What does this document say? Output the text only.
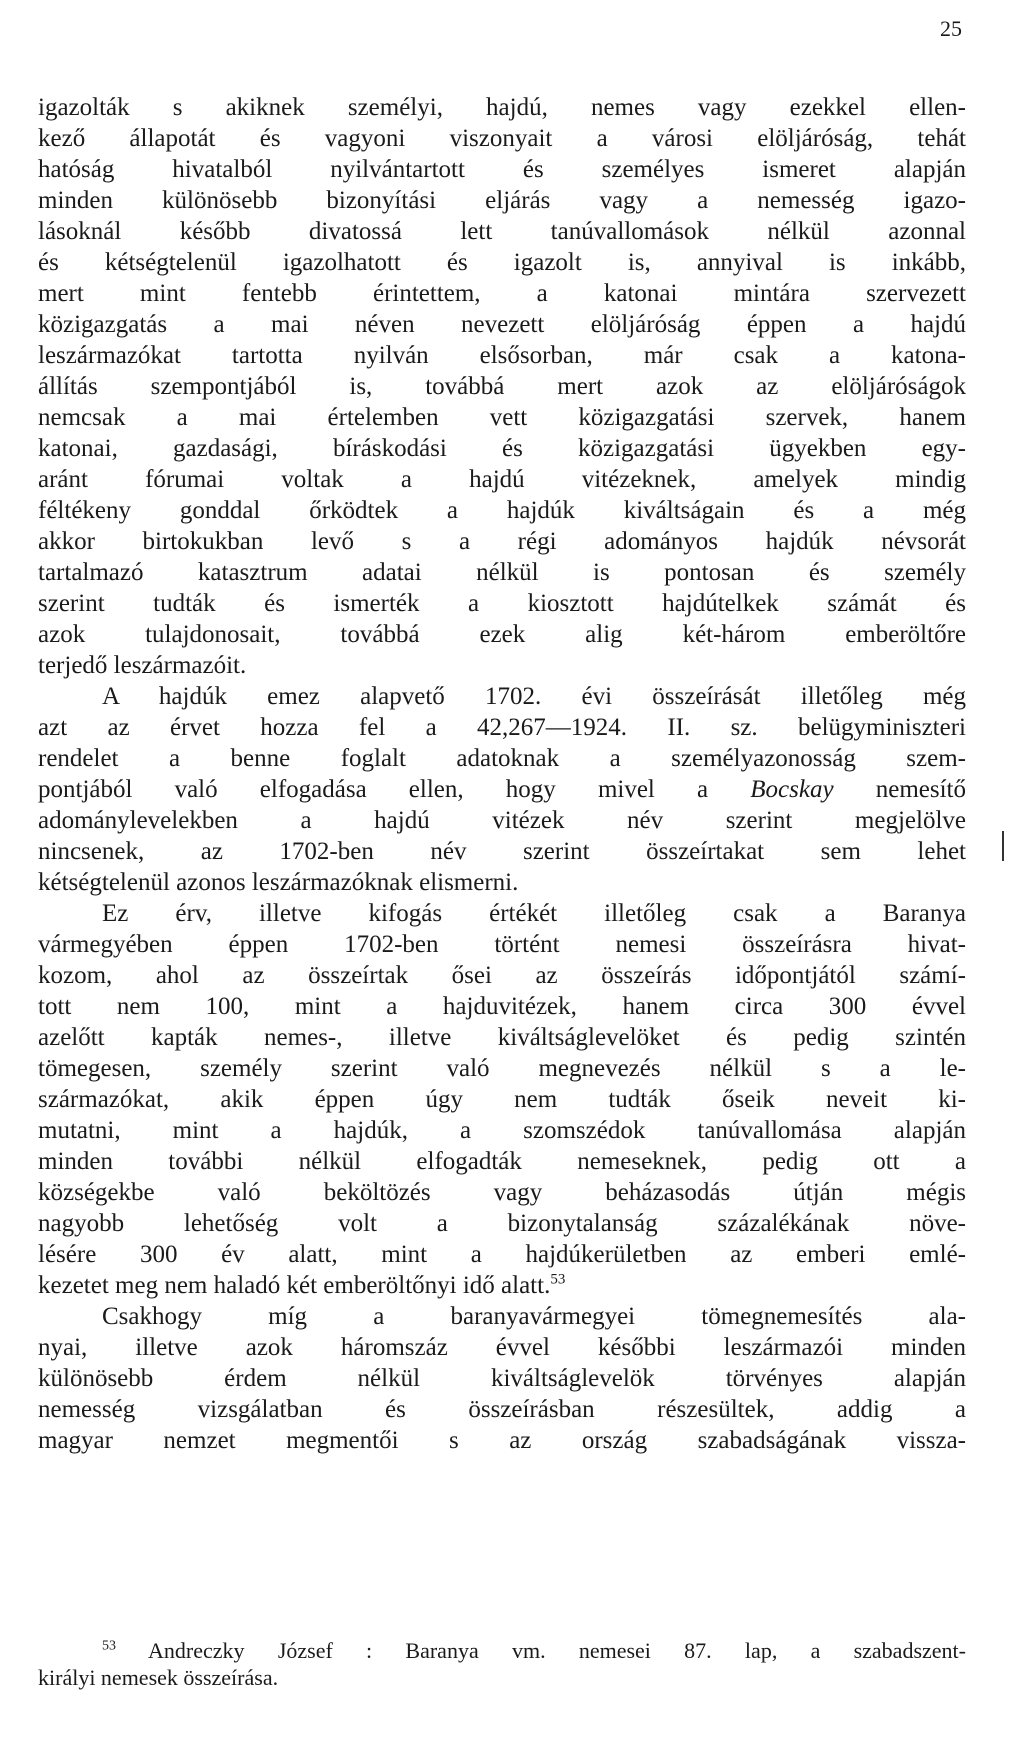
25
igazolták s akiknek személyi, hajdú, nemes vagy ezekkel ellen-
kező állapotát és vagyoni viszonyait a városi elöljáróság, tehát
hatóság hivatalból nyilvántartott és személyes ismeret alapján
minden különösebb bizonyítási eljárás vagy a nemesség igazo-
lásoknál később divatossá lett tanúvallomások nélkül azonnal
és kétségtelenül igazolhatott és igazolt is, annyival is inkább,
mert mint fentebb érintettem, a katonai mintára szervezett
közigazgatás a mai néven nevezett elöljáróság éppen a hajdú
leszármazókat tartotta nyilván elsősorban, már csak a katona-
állítás szempontjából is, továbbá mert azok az elöljáróságok
nemcsak a mai értelemben vett közigazgatási szervek, hanem
katonai, gazdasági, bíráskodási és közigazgatási ügyekben egy-
aránt fórumai voltak a hajdú vitézeknek, amelyek mindig
féltékeny gonddal őrködtek a hajdúk kiváltságain és a még
akkor birtokukban levő s a régi adományos hajdúk névsorát
tartalmazó katasztrum adatai nélkül is pontosan és személy
szerint tudták és ismerték a kiosztott hajdútelkek számát és
azok tulajdonosait, továbbá ezek alig két-három emberöltőre
terjedő leszármazóit.
A hajdúk emez alapvető 1702. évi összeírását illetőleg még
azt az érvet hozza fel a 42,267—1924. II. sz. belügyminiszteri
rendelet a benne foglalt adatoknak a személyazonosság szem-
pontjából való elfogadása ellen, hogy mivel a Bocskay nemesítő
adománylevelekben a hajdú vitézek név szerint megjelölve
nincsenek, az 1702-ben név szerint összeírtakat sem lehet
kétségtelenül azonos leszármazóknak elismerni.
Ez érv, illetve kifogás értékét illetőleg csak a Baranya
vármegyében éppen 1702-ben történt nemesi összeírásra hivat-
kozom, ahol az összeírtak ősei az összeírás időpontjától számí-
tott nem 100, mint a hajduvitézek, hanem circa 300 évvel
azelőtt kapták nemes-, illetve kiváltságlevelöket és pedig szintén
tömegesen, személy szerint való megnevezés nélkül s a le-
származókat, akik éppen úgy nem tudták őseik neveit ki-
mutatni, mint a hajdúk, a szomszédok tanúvallomása alapján
minden további nélkül elfogadták nemeseknek, pedig ott a
községekbe való beköltözés vagy beházasodás útján mégis
nagyobb lehetőség volt a bizonytalanság százalékának növe-
lésére 300 év alatt, mint a hajdúkerületben az emberi emlé-
kezetet meg nem haladó két emberöltőnyi idő alatt.$^{53}$
Csakhogy míg a baranyavármegyei tömegnemesítés ala-
nyai, illetve azok háromszáz évvel későbbi leszármazói minden
különösebb érdem nélkül kiváltságlevelök törvényes alapján
nemesség vizsgálatban és összeírásban részesültek, addig a
magyar nemzet megmentői s az ország szabadságának vissza-
$^{53}$ Andreczky József : Baranya vm. nemesei 87. lap, a szabadszent-
királyi nemesek összeírása.
